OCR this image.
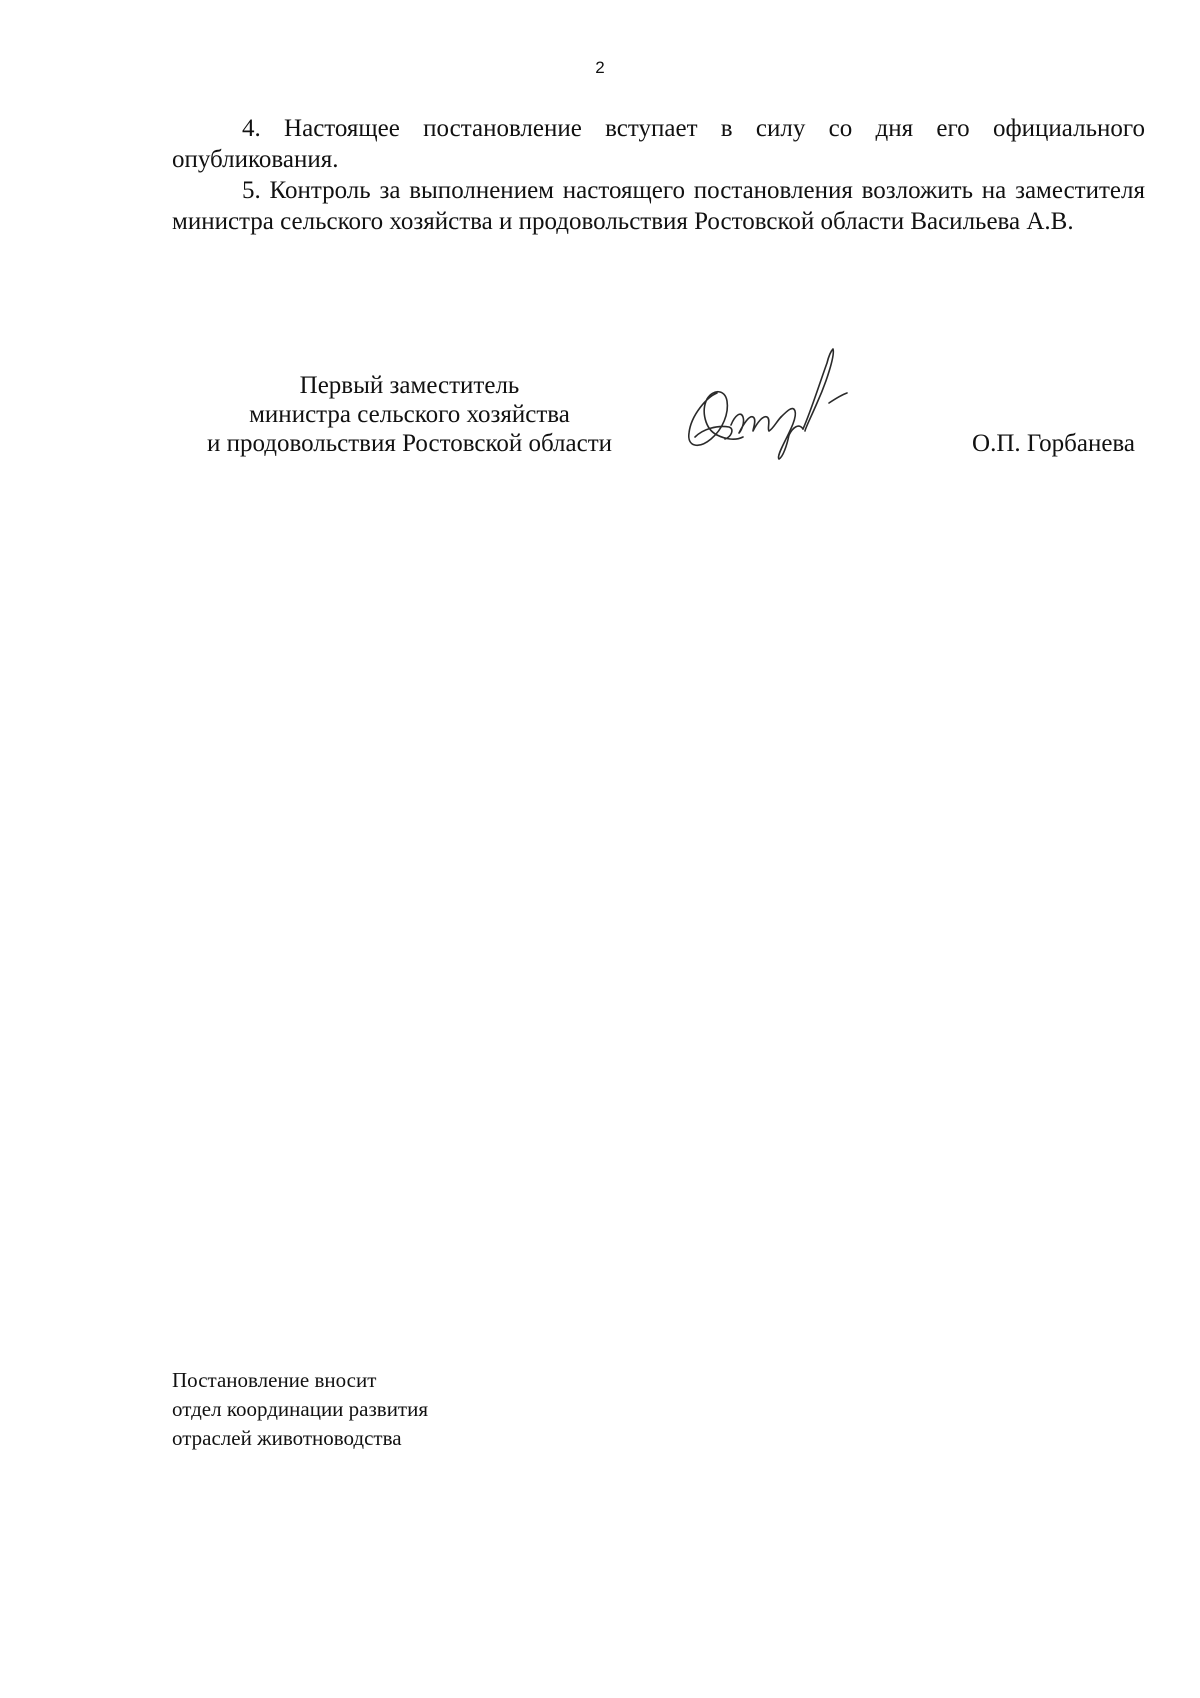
2

4. Настоящее постановление вступает в силу со дня его официального опубликования.

5. Контроль за выполнением настоящего постановления возложить на заместителя министра сельского хозяйства и продовольствия Ростовской области Васильева А.В.

Первый заместитель
министра сельского хозяйства
и продовольствия Ростовской области	О.П. Горбанева
Постановление вносит
отдел координации развития
отраслей животноводства
